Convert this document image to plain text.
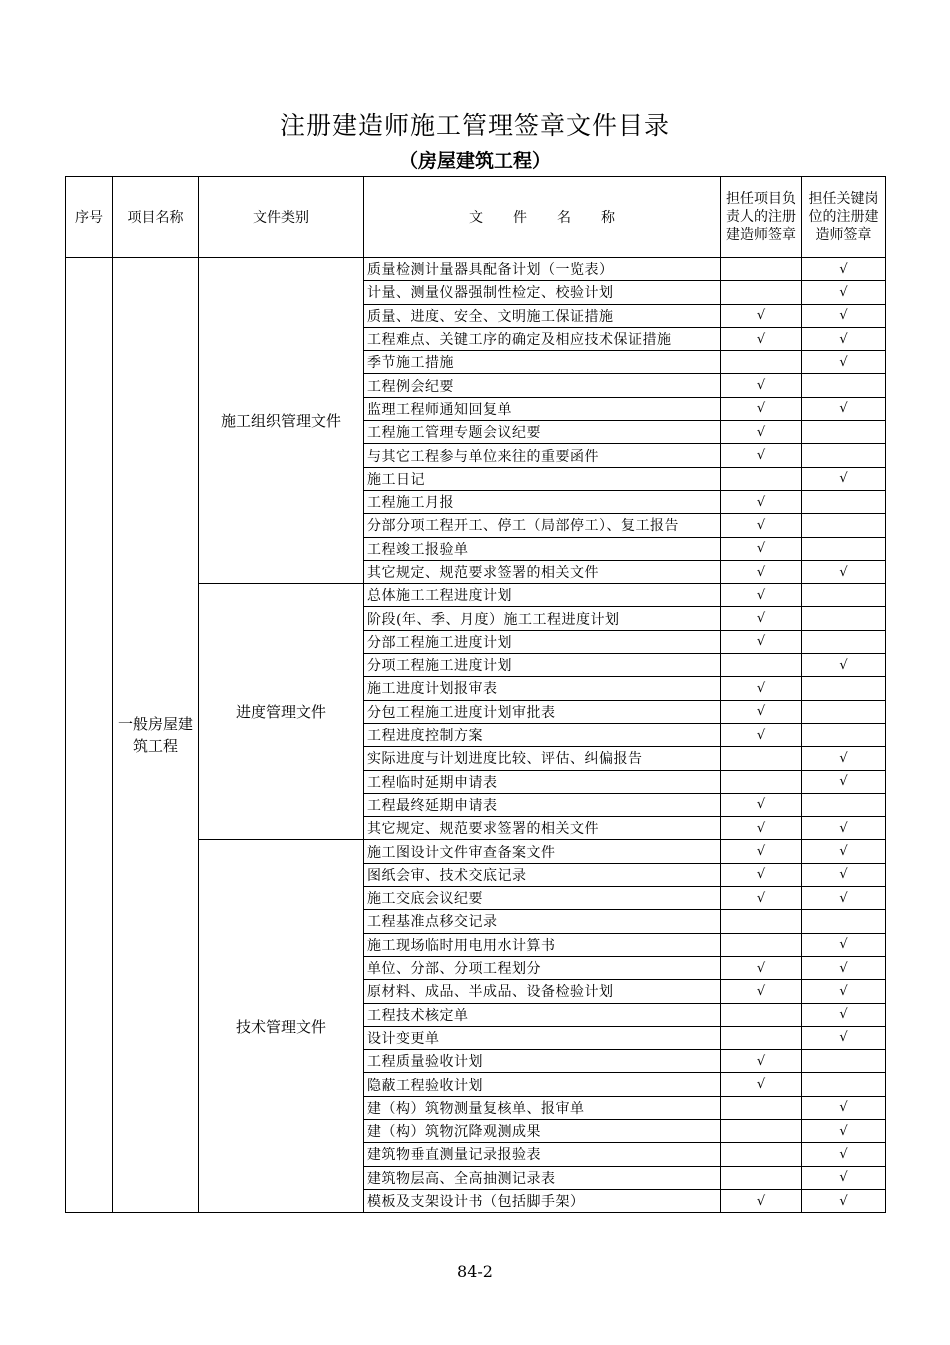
注册建造师施工管理签章文件目录
（房屋建筑工程）
序号	项目名称	文件类别	文件名称	担任项目负责人的注册建造师签章	担任关键岗位的注册建造师签章
	一般房屋建筑工程	施工组织管理文件	质量检测计量器具配备计划（一览表）		√
			计量、测量仪器强制性检定、校验计划		√
			质量、进度、安全、文明施工保证措施	√	√
			工程难点、关键工序的确定及相应技术保证措施	√	√
			季节施工措施		√
			工程例会纪要	√	
			监理工程师通知回复单	√	√
			工程施工管理专题会议纪要	√	
			与其它工程参与单位来往的重要函件	√	
			施工日记		√
			工程施工月报	√	
			分部分项工程开工、停工（局部停工）、复工报告	√	
			工程竣工报验单	√	
			其它规定、规范要求签署的相关文件	√	√
		进度管理文件	总体施工工程进度计划	√	
			阶段(年、季、月度）施工工程进度计划	√	
			分部工程施工进度计划	√	
			分项工程施工进度计划		√
			施工进度计划报审表	√	
			分包工程施工进度计划审批表	√	
			工程进度控制方案	√	
			实际进度与计划进度比较、评估、纠偏报告		√
			工程临时延期申请表		√
			工程最终延期申请表	√	
			其它规定、规范要求签署的相关文件	√	√
		技术管理文件	施工图设计文件审查备案文件	√	√
			图纸会审、技术交底记录	√	√
			施工交底会议纪要	√	√
			工程基准点移交记录		
			施工现场临时用电用水计算书		√
			单位、分部、分项工程划分	√	√
			原材料、成品、半成品、设备检验计划	√	√
			工程技术核定单		√
			设计变更单		√
			工程质量验收计划	√	
			隐蔽工程验收计划	√	
			建（构）筑物测量复核单、报审单		√
			建（构）筑物沉降观测成果		√
			建筑物垂直测量记录报验表		√
			建筑物层高、全高抽测记录表		√
			模板及支架设计书（包括脚手架）	√	√
84-2
